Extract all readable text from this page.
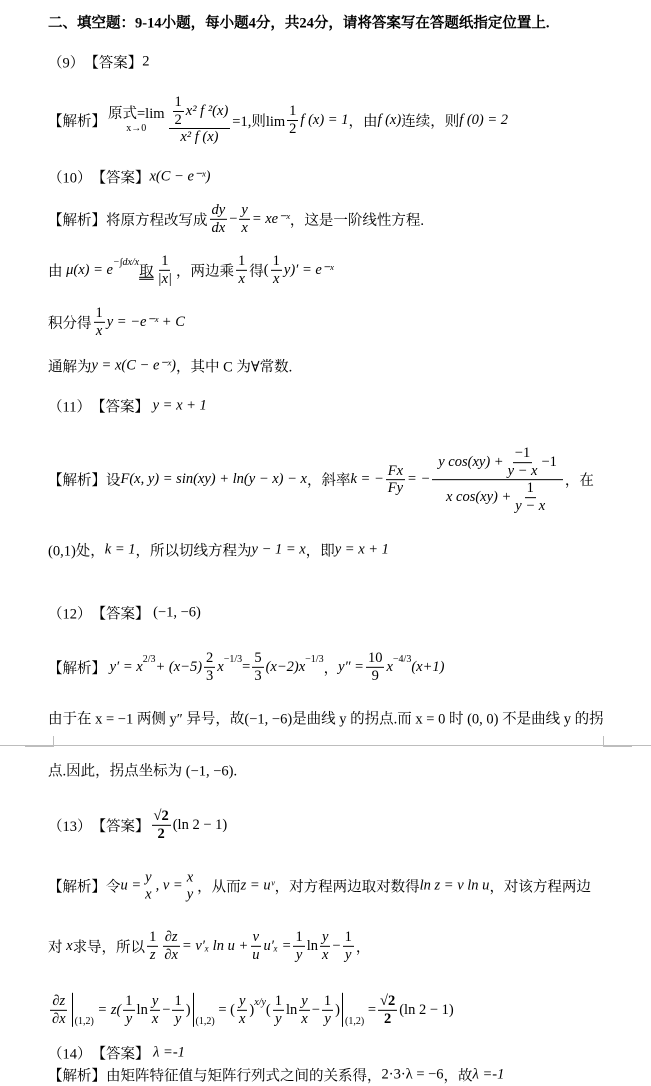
二、填空题：9-14小题，每小题4分，共24分，请将答案写在答题纸指定位置上.
（9） 【答案】 2
【解析】 原式=lim
$x\to 0 \frac{\frac{1}{2} x^2 f ^2(x)}{\text{x² f (x)}} =1$,则$\lim \frac{1}{2}$ f (x) = 1 ，由 f (x) 连续，则 f (0) = 2
（10） 【答案】 x(C − e⁻ˣ)
【解析】 将原方程改写成 $\frac{dy}{dx} - \frac{y}{x}$ = xe⁻ˣ ，这是一阶线性方程.
由
$\mu(x) = e^{-\int dx/x}$
取 $\frac{1}{|x|}$ ，两边乘 $\frac{1}{x}$ 得 ( $\frac{1}{x} y)'$ = e⁻ˣ
积分得 $\frac{1}{x}$ y = −e⁻ˣ + C
通解为 y = x(C − e⁻ˣ) ，其中 C 为∀常数.
（11） 【答案】
y = x + 1
【解析】 设 F(x, y) = sin(xy) + ln(y − x) − x ，斜率 k = − $\frac{Fx}{Fy}$ = − $\frac{y \cos(xy) + \frac{-1}{y - x} -1}{x \cos(xy) + \frac{1}{y - x}}$ ，在
(0,1)处， k = 1 ，所以切线方程为 y − 1 = x ，即 y = x + 1
（12） 【答案】
(−1, −6)
【解析】
$y' = x^{2/3} + (x-5) \frac{2}{3} x^{-1/3} = \frac{5}{3} (x-2)x^{-1/3}$
， $y'' = \frac{10}{9} x^{-4/3}$ (x+1)
由于在 x = −1 两侧 y″ 异号，故(−1, −6)是曲线 y 的拐点.而 x = 0 时 (0, 0) 不是曲线 y 的拐
点.因此，拐点坐标为 (−1, −6).
（13） 【答案】 $\frac{√2}{2} (\ln$ 2 − 1)
【解析】 令 u =
y
x
, v =
x
y ，从而 z = uᵛ ，对方程两边取对数得 ln z = v ln u ，对该方程两边
对
x 求导，所以 $\frac{1}{z} \frac{\partial z}{\partial x} = v'_x$ $\ln u + \frac{v}{u} u'_x = \frac{1}{y}$ $\ln \frac{y}{x} - \frac{1}{y}$ ，
$\frac{\partial z}{\partial x} (1,2)$

= $z( \frac{1}{y}$ $\ln \frac{y}{x} - \frac{1}{y}$ )
(1,2)

= ( $\frac{y}{x} )^{x/y}$ ( $\frac{1}{y}$ $\ln \frac{y}{x} - \frac{1}{y}$ )
(1,2)

= $\frac{√2}{2} (\ln$ 2 − 1)
（14） 【答案】
λ =-1
【解析】 由矩阵特征值与矩阵行列式之间的关系得， 2·3·λ = −6 ，故 λ =-1
